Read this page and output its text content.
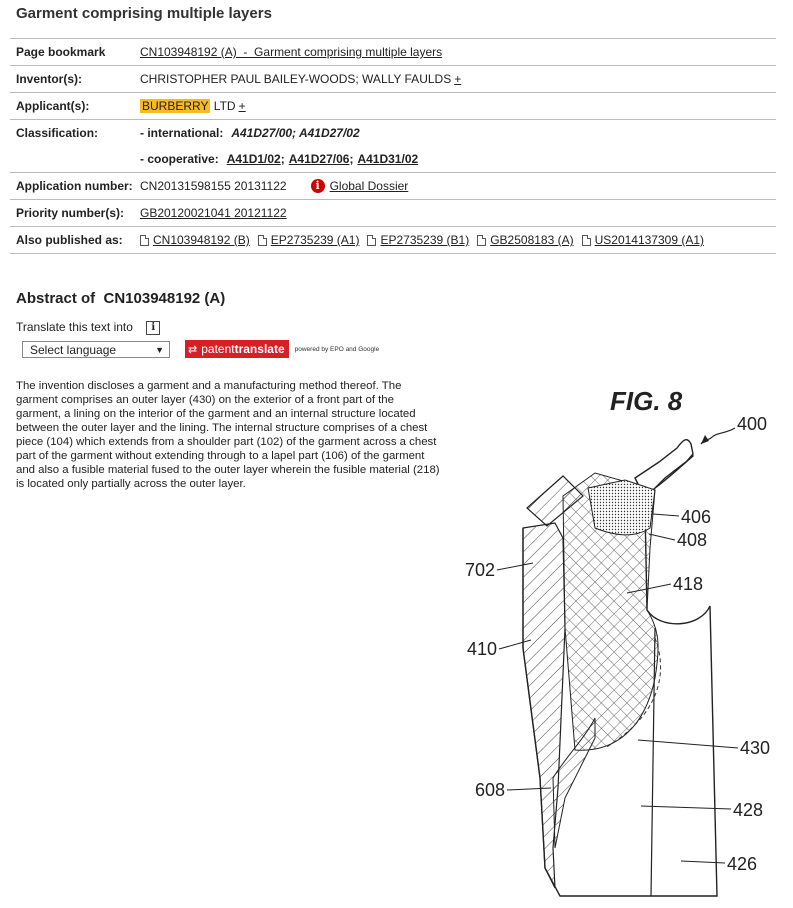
Garment comprising multiple layers
Page bookmark	CN103948192 (A)  -  Garment comprising multiple layers
Inventor(s):	CHRISTOPHER PAUL BAILEY-WOODS; WALLY FAULDS +
Applicant(s):	BURBERRY LTD +
Classification:	- international: A41D27/00; A41D27/02
- cooperative: A41D1/02 ; A41D27/06 ; A41D31/02
Application number: CN20131598155 20131122	i Global Dossier
Priority number(s):	GB20120021041 20121122
Also published as:	CN103948192 (B) EP2735239 (A1) EP2735239 (B1) GB2508183 (A) US2014137309 (A1)
Abstract of  CN103948192 (A)
Translate this text into i
Select language	▼ ⇄ patent translate powered by EPO and Google
The invention discloses a garment and a manufacturing method thereof. The garment comprises an outer layer (430) on the exterior of a front part of the garment, a lining on the interior of the garment and an internal structure located between the outer layer and the lining. The internal structure comprises of a chest piece (104) which extends from a shoulder part (102) of the garment across a chest part of the garment without extending through to a lapel part (106) of the garment and also a fusible material fused to the outer layer wherein the fusible material (218) is located only partially across the outer layer.
FIG. 8
400
406
408
702
418
410
430
608
428
426
